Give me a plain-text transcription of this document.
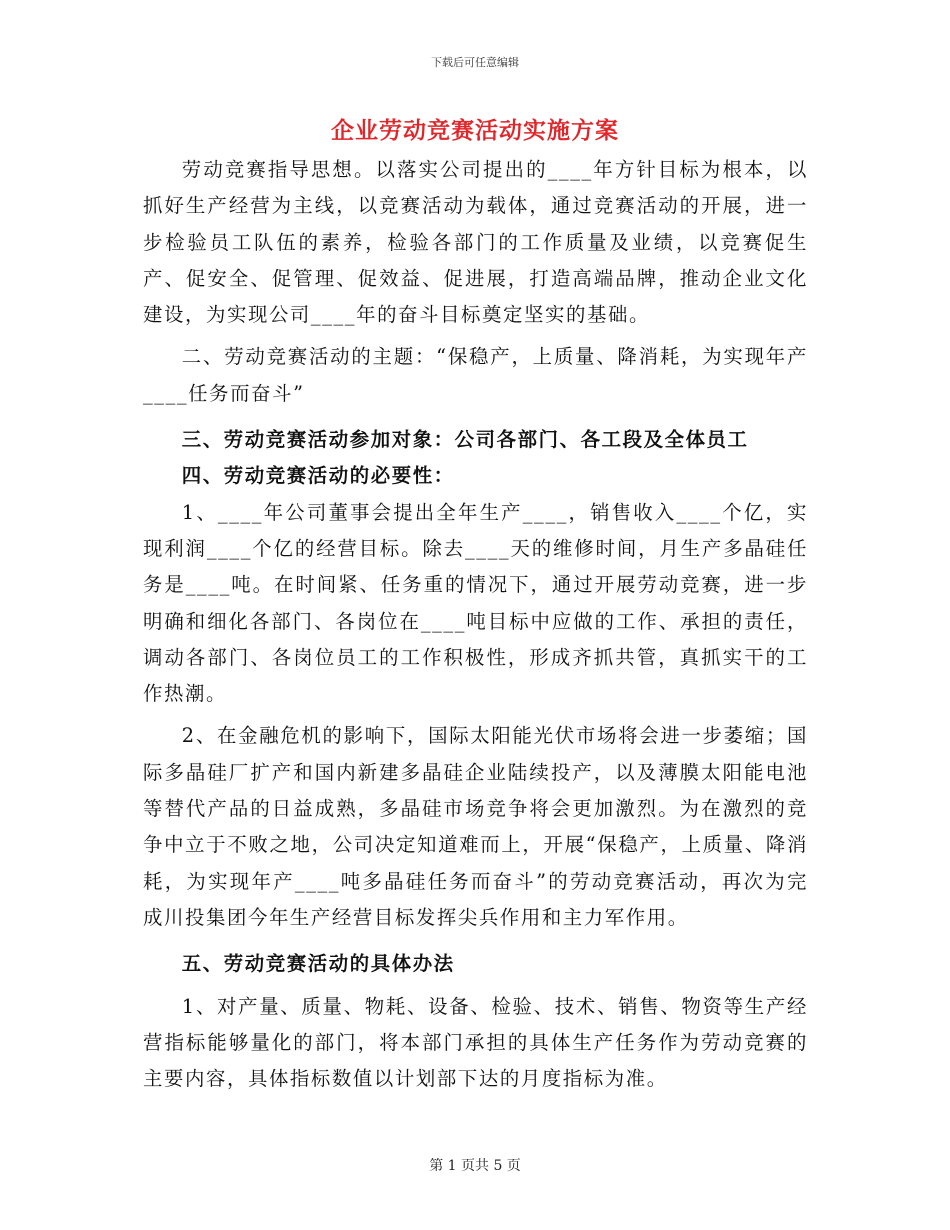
下载后可任意编辑
企业劳动竞赛活动实施方案

劳动竞赛指导思想。以落实公司提出的____年方针目标为根本，以抓好生产经营为主线，以竞赛活动为载体，通过竞赛活动的开展，进一步检验员工队伍的素养，检验各部门的工作质量及业绩，以竞赛促生产、促安全、促管理、促效益、促进展，打造高端品牌，推动企业文化建设，为实现公司____年的奋斗目标奠定坚实的基础。

二、劳动竞赛活动的主题：“保稳产，上质量、降消耗，为实现年产____任务而奋斗”

三、劳动竞赛活动参加对象：公司各部门、各工段及全体员工

四、劳动竞赛活动的必要性：

1、____年公司董事会提出全年生产____，销售收入____个亿，实现利润____个亿的经营目标。除去____天的维修时间，月生产多晶硅任务是____吨。在时间紧、任务重的情况下，通过开展劳动竞赛，进一步明确和细化各部门、各岗位在____吨目标中应做的工作、承担的责任，调动各部门、各岗位员工的工作积极性，形成齐抓共管，真抓实干的工作热潮。

2、在金融危机的影响下，国际太阳能光伏市场将会进一步萎缩；国际多晶硅厂扩产和国内新建多晶硅企业陆续投产，以及薄膜太阳能电池等替代产品的日益成熟，多晶硅市场竞争将会更加激烈。为在激烈的竞争中立于不败之地，公司决定知道难而上，开展“保稳产，上质量、降消耗，为实现年产____吨多晶硅任务而奋斗”的劳动竞赛活动，再次为完成川投集团今年生产经营目标发挥尖兵作用和主力军作用。

五、劳动竞赛活动的具体办法

1、对产量、质量、物耗、设备、检验、技术、销售、物资等生产经营指标能够量化的部门，将本部门承担的具体生产任务作为劳动竞赛的主要内容，具体指标数值以计划部下达的月度指标为准。

第 1 页共 5 页
